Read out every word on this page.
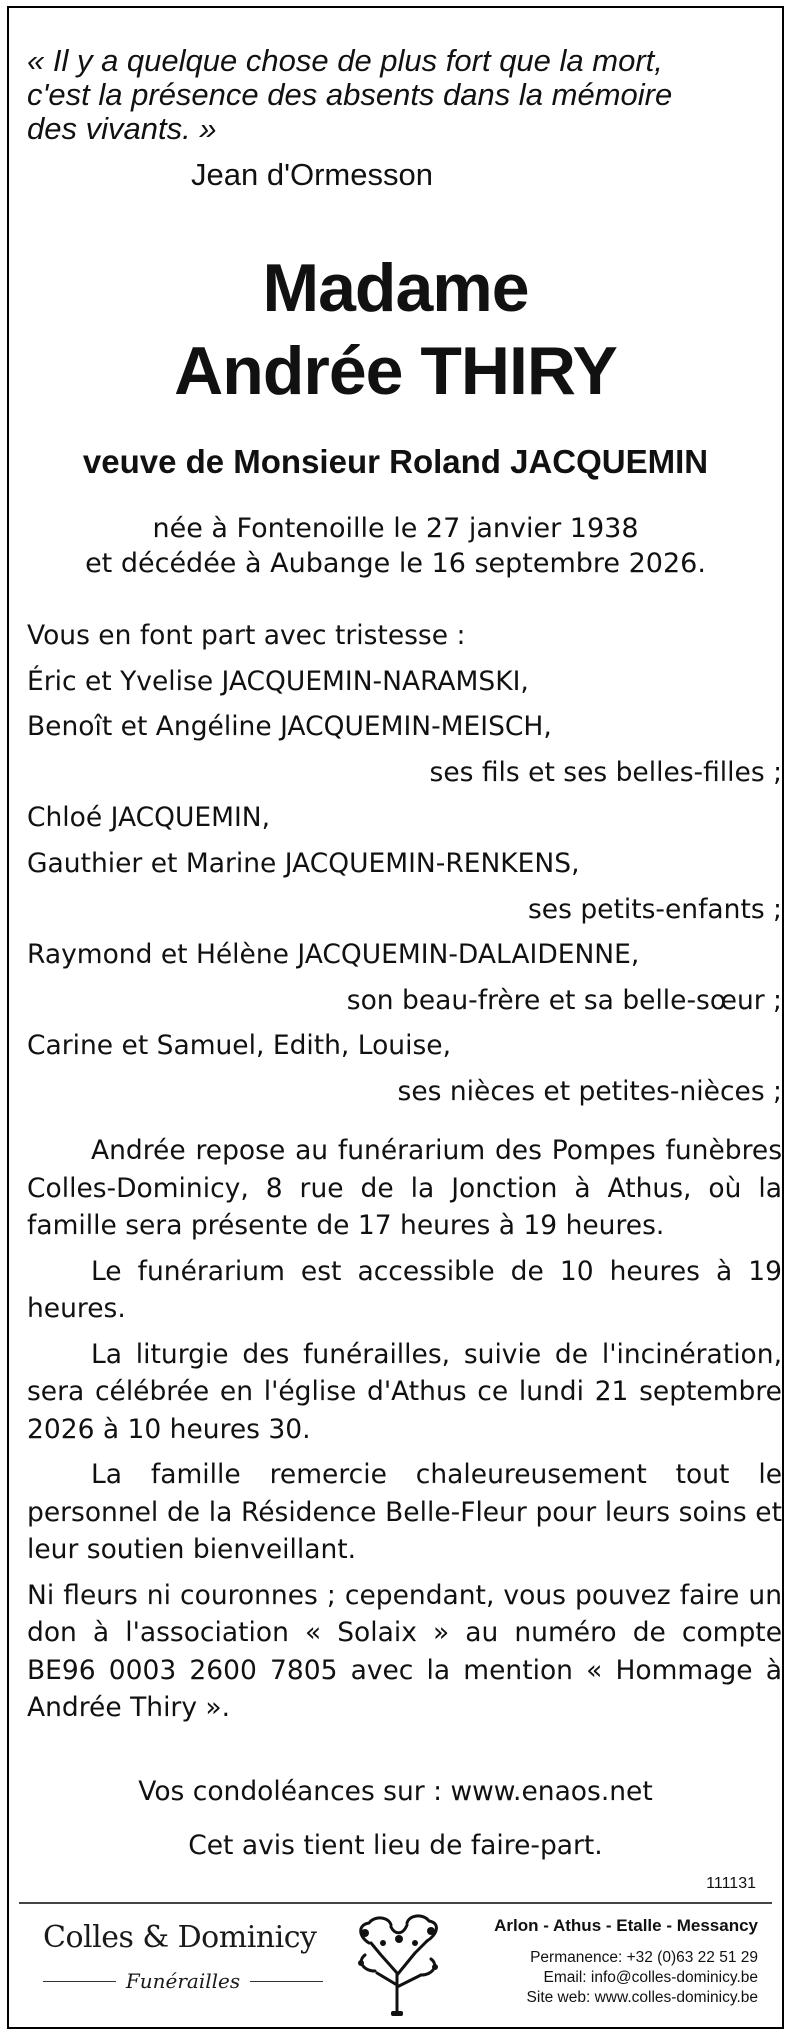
« Il y a quelque chose de plus fort que la mort,
c'est la présence des absents dans la mémoire
des vivants. »
Jean d'Ormesson
Madame
Andrée THIRY
veuve de Monsieur Roland JACQUEMIN
née à Fontenoille le 27 janvier 1938
et décédée à Aubange le 16 septembre 2026.
Vous en font part avec tristesse :
Éric et Yvelise JACQUEMIN-NARAMSKI,
Benoît et Angéline JACQUEMIN-MEISCH,
ses fils et ses belles-filles ;
Chloé JACQUEMIN,
Gauthier et Marine JACQUEMIN-RENKENS,
ses petits-enfants ;
Raymond et Hélène JACQUEMIN-DALAIDENNE,
son beau-frère et sa belle-sœur ;
Carine et Samuel, Edith, Louise,
ses nièces et petites-nièces ;

Andrée repose au funérarium des Pompes funèbres Colles-Dominicy, 8 rue de la Jonction à Athus, où la famille sera présente de 17 heures à 19 heures.

Le funérarium est accessible de 10 heures à 19 heures.

La liturgie des funérailles, suivie de l'incinération, sera célébrée en l'église d'Athus ce lundi 21 septembre 2026 à 10 heures 30.

La famille remercie chaleureusement tout le personnel de la Résidence Belle-Fleur pour leurs soins et leur soutien bienveillant.

Ni fleurs ni couronnes ; cependant, vous pouvez faire un don à l'association « Solaix » au numéro de compte BE96 0003 2600 7805 avec la mention « Hommage à Andrée Thiry ».

Vos condoléances sur : www.enaos.net
Cet avis tient lieu de faire-part.
111131
Colles & Dominicy
Funérailles
Arlon - Athus - Etalle - Messancy
Permanence: +32 (0)63 22 51 29
Email: info@colles-dominicy.be
Site web: www.colles-dominicy.be
